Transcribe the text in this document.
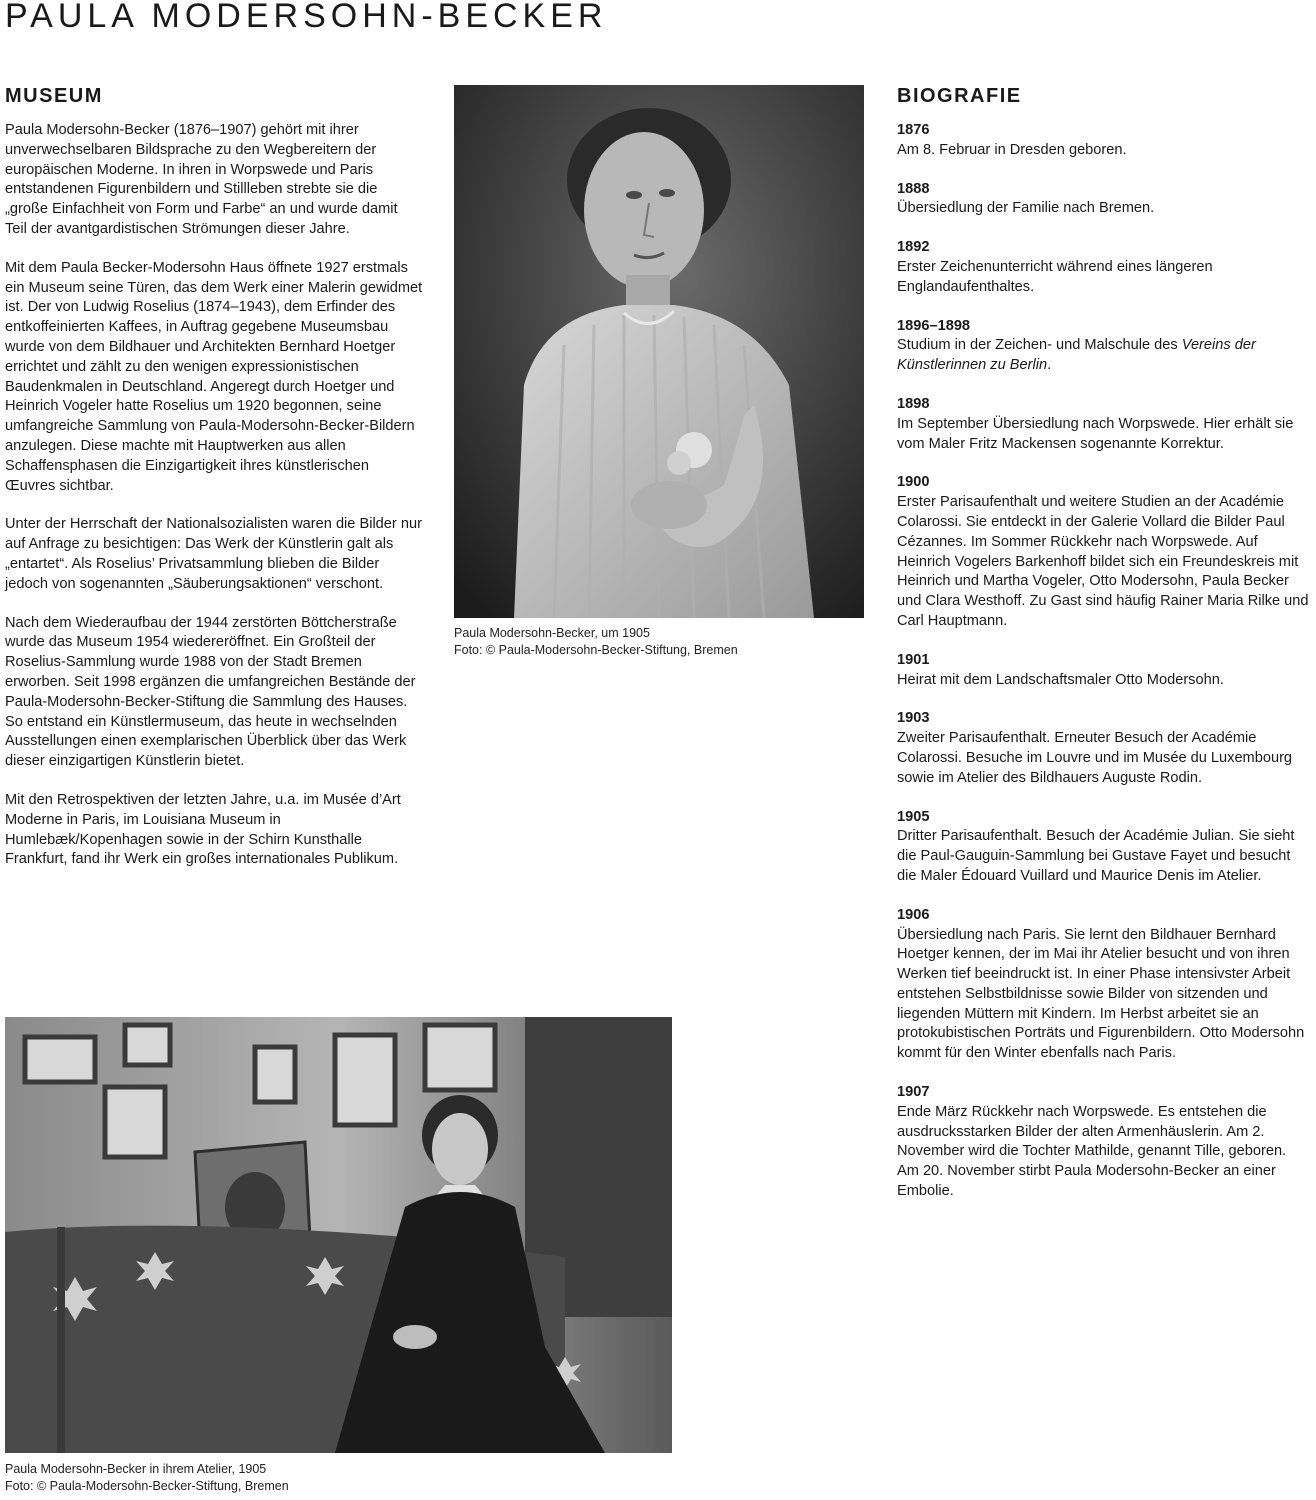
PAULA MODERSOHN-BECKER
MUSEUM

Paula Modersohn-Becker (1876–1907) gehört mit ihrer unverwechselbaren Bildsprache zu den Wegbereitern der europäischen Moderne. In ihren in Worpswede und Paris entstandenen Figurenbildern und Stillleben strebte sie die „große Einfachheit von Form und Farbe“ an und wurde damit Teil der avantgardistischen Strömungen dieser Jahre.

Mit dem Paula Becker-Modersohn Haus öffnete 1927 erstmals ein Museum seine Türen, das dem Werk einer Malerin gewidmet ist. Der von Ludwig Roselius (1874–1943), dem Erfinder des entkoffeinierten Kaffees, in Auftrag gegebene Museumsbau wurde von dem Bildhauer und Architekten Bernhard Hoetger errichtet und zählt zu den wenigen expressionistischen Baudenkmalen in Deutschland. Angeregt durch Hoetger und Heinrich Vogeler hatte Roselius um 1920 begonnen, seine umfangreiche Sammlung von Paula-Modersohn-Becker-Bildern anzulegen. Diese machte mit Hauptwerken aus allen Schaffensphasen die Einzigartigkeit ihres künstlerischen Œuvres sichtbar.

Unter der Herrschaft der Nationalsozialisten waren die Bilder nur auf Anfrage zu besichtigen: Das Werk der Künstlerin galt als „entartet“. Als Roselius’ Privatsammlung blieben die Bilder jedoch von sogenannten „Säuberungsaktionen“ verschont.

Nach dem Wiederaufbau der 1944 zerstörten Böttcherstraße wurde das Museum 1954 wiedereröffnet. Ein Großteil der Roselius-Sammlung wurde 1988 von der Stadt Bremen erworben. Seit 1998 ergänzen die umfangreichen Bestände der Paula-Modersohn-Becker-Stiftung die Sammlung des Hauses. So entstand ein Künstlermuseum, das heute in wechselnden Ausstellungen einen exemplarischen Überblick über das Werk dieser einzigartigen Künstlerin bietet.

Mit den Retrospektiven der letzten Jahre, u.a. im Musée d’Art Moderne in Paris, im Louisiana Museum in Humlebæk/Kopenhagen sowie in der Schirn Kunsthalle Frankfurt, fand ihr Werk ein großes internationales Publikum.

Paula Modersohn-Becker, um 1905
Foto: © Paula-Modersohn-Becker-Stiftung, Bremen
BIOGRAFIE
1876
Am 8. Februar in Dresden geboren.
1888
Übersiedlung der Familie nach Bremen.
1892
Erster Zeichenunterricht während eines längeren Englandaufenthaltes.
1896–1898
Studium in der Zeichen- und Malschule des Vereins der Künstlerinnen zu Berlin.
1898
Im September Übersiedlung nach Worpswede. Hier erhält sie vom Maler Fritz Mackensen sogenannte Korrektur.
1900
Erster Parisaufenthalt und weitere Studien an der Académie Colarossi. Sie entdeckt in der Galerie Vollard die Bilder Paul Cézannes. Im Sommer Rückkehr nach Worpswede. Auf Heinrich Vogelers Barkenhoff bildet sich ein Freundeskreis mit Heinrich und Martha Vogeler, Otto Modersohn, Paula Becker und Clara Westhoff. Zu Gast sind häufig Rainer Maria Rilke und Carl Hauptmann.
1901
Heirat mit dem Landschaftsmaler Otto Modersohn.
1903
Zweiter Parisaufenthalt. Erneuter Besuch der Académie Colarossi. Besuche im Louvre und im Musée du Luxembourg sowie im Atelier des Bildhauers Auguste Rodin.
1905
Dritter Parisaufenthalt. Besuch der Académie Julian. Sie sieht die Paul-Gauguin-Sammlung bei Gustave Fayet und besucht die Maler Édouard Vuillard und Maurice Denis im Atelier.
1906
Übersiedlung nach Paris. Sie lernt den Bildhauer Bernhard Hoetger kennen, der im Mai ihr Atelier besucht und von ihren Werken tief beeindruckt ist. In einer Phase intensivster Arbeit entstehen Selbstbildnisse sowie Bilder von sitzenden und liegenden Müttern mit Kindern. Im Herbst arbeitet sie an protokubistischen Porträts und Figurenbildern. Otto Modersohn kommt für den Winter ebenfalls nach Paris.
1907
Ende März Rückkehr nach Worpswede. Es entstehen die ausdrucksstarken Bilder der alten Armenhäuslerin. Am 2. November wird die Tochter Mathilde, genannt Tille, geboren. Am 20. November stirbt Paula Modersohn-Becker an einer Embolie.
Paula Modersohn-Becker in ihrem Atelier, 1905
Foto: © Paula-Modersohn-Becker-Stiftung, Bremen
